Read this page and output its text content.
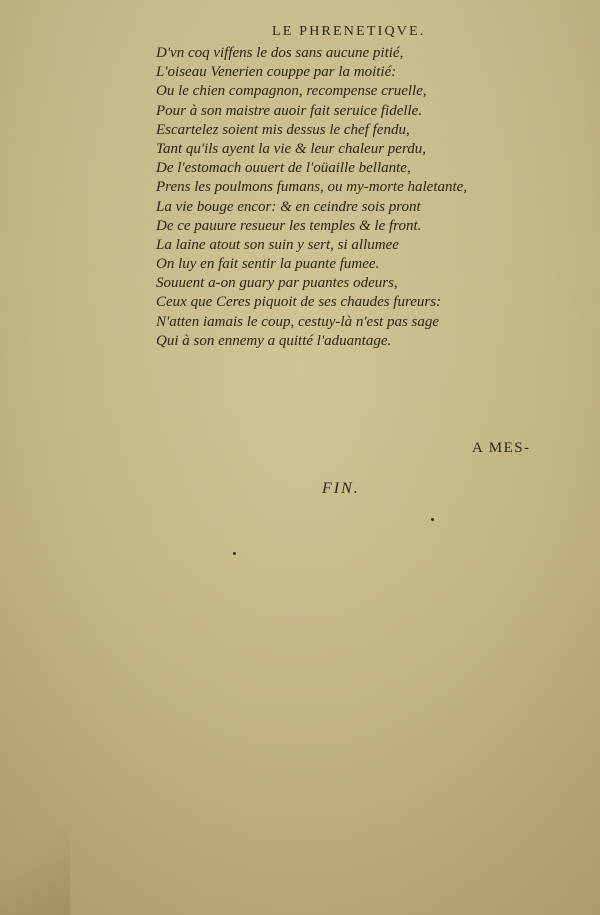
LE PHRENETIQVE.
D'vn coq viffens le dos sans aucune pitié,
L'oiseau Venerien couppe par la moitié:
Ou le chien compagnon, recompense cruelle,
Pour à son maistre auoir fait seruice fidelle.
Escartelez soient mis dessus le chef fendu,
Tant qu'ils ayent la vie & leur chaleur perdu,
De l'estomach ouuert de l'oüaille bellante,
Prens les poulmons fumans, ou my-morte haletante,
La vie bouge encor: & en ceindre sois pront
De ce pauure resueur les temples & le front.
La laine atout son suin y sert, si allumee
On luy en fait sentir la puante fumee.
Souuent a-on guary par puantes odeurs,
Ceux que Ceres piquoit de ses chaudes fureurs:
N'atten iamais le coup, cestuy-là n'est pas sage
Qui à son ennemy a quitté l'aduantage.
A MES-
FIN.
